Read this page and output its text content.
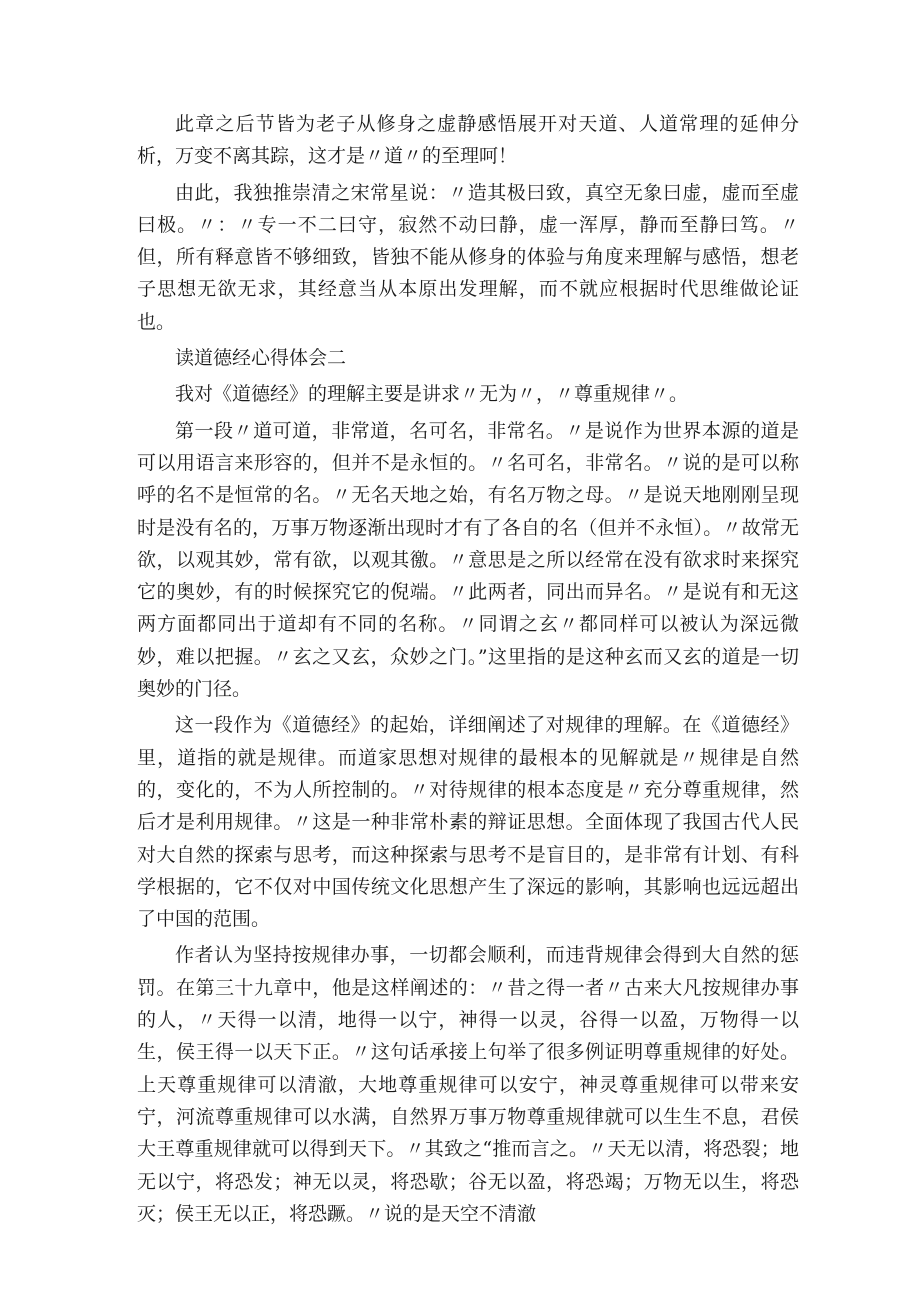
此章之后节皆为老子从修身之虚静感悟展开对天道、人道常理的延伸分析，万变不离其踪，这才是〃道〃的至理呵！

由此，我独推崇清之宋常星说：〃造其极曰致，真空无象曰虚，虚而至虚曰极。〃：〃专一不二曰守，寂然不动曰静，虚一浑厚，静而至静曰笃。〃但，所有释意皆不够细致，皆独不能从修身的体验与角度来理解与感悟，想老子思想无欲无求，其经意当从本原出发理解，而不就应根据时代思维做论证也。

读道德经心得体会二

我对《道德经》的理解主要是讲求〃无为〃，〃尊重规律〃。

第一段〃道可道，非常道，名可名，非常名。〃是说作为世界本源的道是可以用语言来形容的，但并不是永恒的。〃名可名，非常名。〃说的是可以称呼的名不是恒常的名。〃无名天地之始，有名万物之母。〃是说天地刚刚呈现时是没有名的，万事万物逐渐出现时才有了各自的名（但并不永恒）。〃故常无欲，以观其妙，常有欲，以观其徼。〃意思是之所以经常在没有欲求时来探究它的奥妙，有的时候探究它的倪端。〃此两者，同出而异名。〃是说有和无这两方面都同出于道却有不同的名称。〃同谓之玄〃都同样可以被认为深远微妙，难以把握。〃玄之又玄，众妙之门。”这里指的是这种玄而又玄的道是一切奥妙的门径。

这一段作为《道德经》的起始，详细阐述了对规律的理解。在《道德经》里，道指的就是规律。而道家思想对规律的最根本的见解就是〃规律是自然的，变化的，不为人所控制的。〃对待规律的根本态度是〃充分尊重规律，然后才是利用规律。〃这是一种非常朴素的辩证思想。全面体现了我国古代人民对大自然的探索与思考，而这种探索与思考不是盲目的，是非常有计划、有科学根据的，它不仅对中国传统文化思想产生了深远的影响，其影响也远远超出了中国的范围。

作者认为坚持按规律办事，一切都会顺利，而违背规律会得到大自然的惩罚。在第三十九章中，他是这样阐述的：〃昔之得一者〃古来大凡按规律办事的人，〃天得一以清，地得一以宁，神得一以灵，谷得一以盈，万物得一以生，侯王得一以天下正。〃这句话承接上句举了很多例证明尊重规律的好处。上天尊重规律可以清澈，大地尊重规律可以安宁，神灵尊重规律可以带来安宁，河流尊重规律可以水满，自然界万事万物尊重规律就可以生生不息，君侯大王尊重规律就可以得到天下。〃其致之“推而言之。〃天无以清，将恐裂；地无以宁，将恐发；神无以灵，将恐歇；谷无以盈，将恐竭；万物无以生，将恐灭；侯王无以正，将恐蹶。〃说的是天空不清澈
